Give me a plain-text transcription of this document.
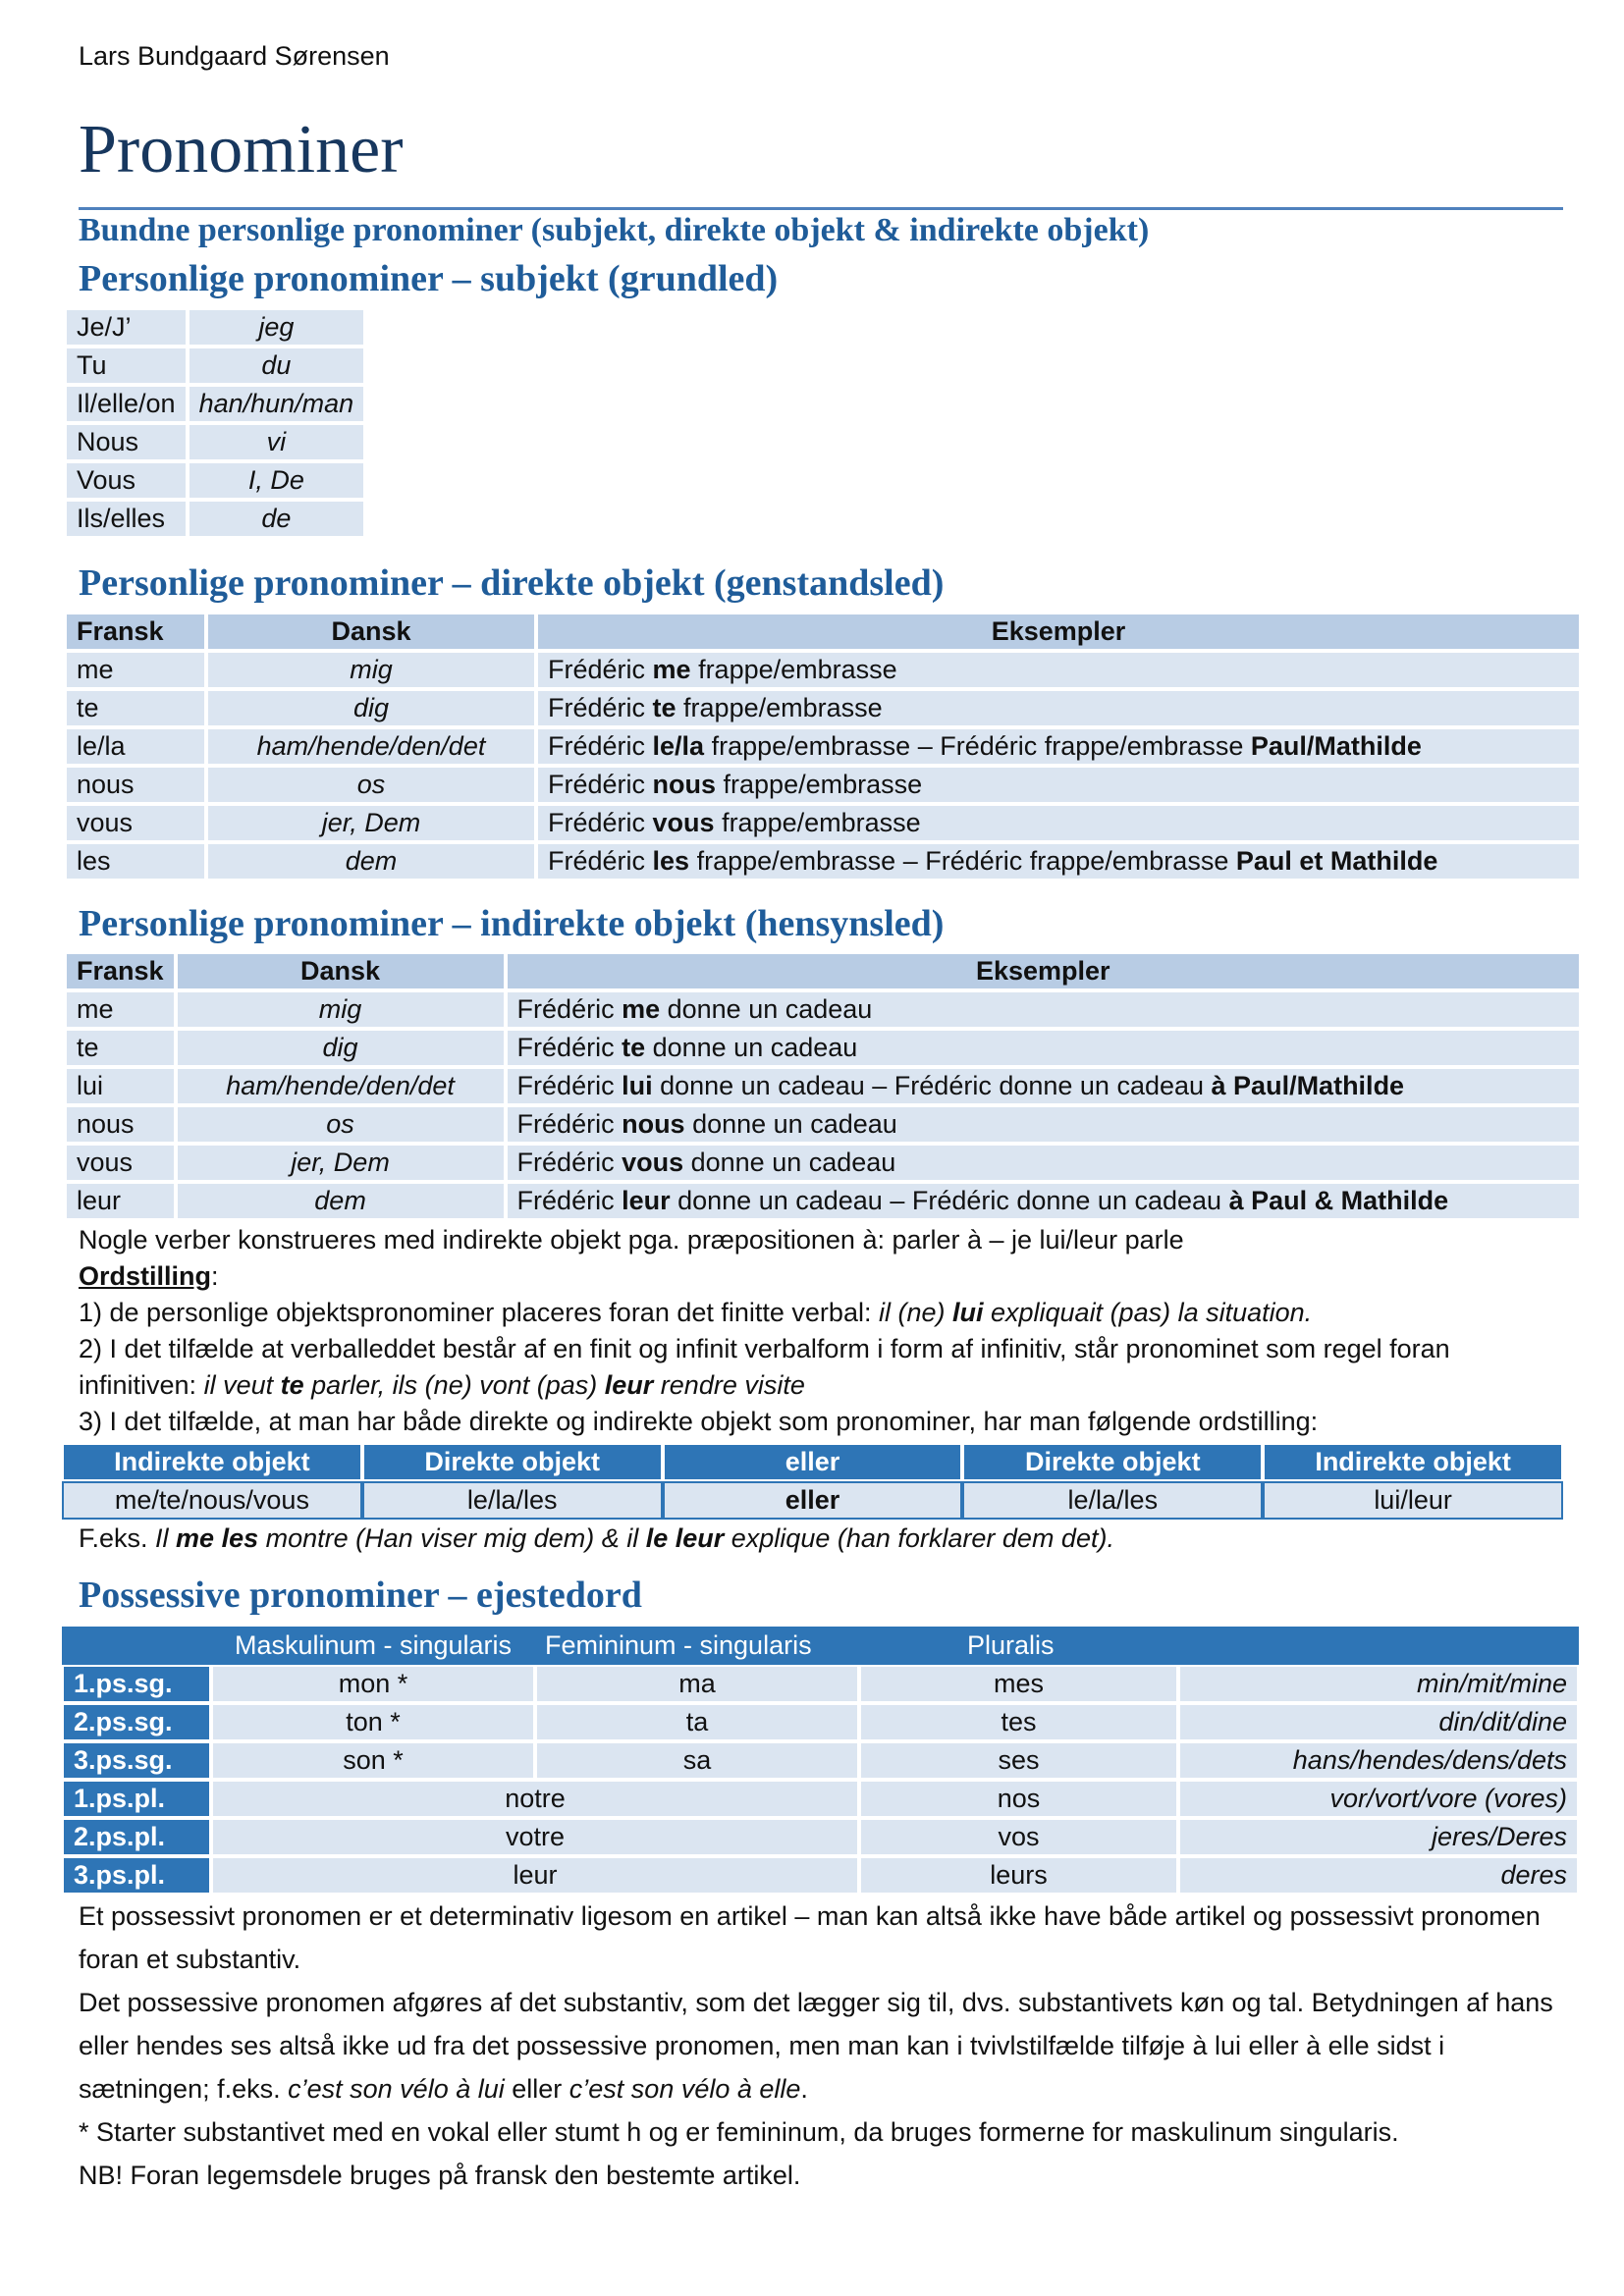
Lars Bundgaard Sørensen
Pronominer
Bundne personlige pronominer (subjekt, direkte objekt & indirekte objekt)
Personlige pronominer – subjekt (grundled)
Je/J’	jeg
Tu	du
Il/elle/on	han/hun/man
Nous	vi
Vous	I, De
Ils/elles	de
Personlige pronominer – direkte objekt (genstandsled)
Fransk	Dansk	Eksempler
me	mig	Frédéric me frappe/embrasse
te	dig	Frédéric te frappe/embrasse
le/la	ham/hende/den/det	Frédéric le/la frappe/embrasse – Frédéric frappe/embrasse Paul/Mathilde
nous	os	Frédéric nous frappe/embrasse
vous	jer, Dem	Frédéric vous frappe/embrasse
les	dem	Frédéric les frappe/embrasse – Frédéric frappe/embrasse Paul et Mathilde
Personlige pronominer – indirekte objekt (hensynsled)
Fransk	Dansk	Eksempler
me	mig	Frédéric me donne un cadeau
te	dig	Frédéric te donne un cadeau
lui	ham/hende/den/det	Frédéric lui donne un cadeau – Frédéric donne un cadeau à Paul/Mathilde
nous	os	Frédéric nous donne un cadeau
vous	jer, Dem	Frédéric vous donne un cadeau
leur	dem	Frédéric leur donne un cadeau – Frédéric donne un cadeau à Paul & Mathilde
Nogle verber konstrueres med indirekte objekt pga. præpositionen à: parler à – je lui/leur parle
Ordstilling:
1) de personlige objektspronominer placeres foran det finitte verbal: il (ne) lui expliquait (pas) la situation.
2) I det tilfælde at verballeddet består af en finit og infinit verbalform i form af infinitiv, står pronominet som regel foran infinitiven: il veut te parler, ils (ne) vont (pas) leur rendre visite
3) I det tilfælde, at man har både direkte og indirekte objekt som pronominer, har man følgende ordstilling:
Indirekte objekt	Direkte objekt	eller	Direkte objekt	Indirekte objekt
me/te/nous/vous	le/la/les	eller	le/la/les	lui/leur
F.eks. Il me les montre (Han viser mig dem) & il le leur explique (han forklarer dem det).
Possessive pronominer – ejestedord
	Maskulinum - singularis	Femininum - singularis	Pluralis	
1.ps.sg.	mon *	ma	mes	min/mit/mine
2.ps.sg.	ton *	ta	tes	din/dit/dine
3.ps.sg.	son *	sa	ses	hans/hendes/dens/dets
1.ps.pl.	notre		nos	vor/vort/vore (vores)
2.ps.pl.	votre		vos	jeres/Deres
3.ps.pl.	leur		leurs	deres
Et possessivt pronomen er et determinativ ligesom en artikel – man kan altså ikke have både artikel og possessivt pronomen foran et substantiv.
Det possessive pronomen afgøres af det substantiv, som det lægger sig til, dvs. substantivets køn og tal. Betydningen af hans eller hendes ses altså ikke ud fra det possessive pronomen, men man kan i tvivlstilfælde tilføje à lui eller à elle sidst i sætningen; f.eks. c’est son vélo à lui eller c’est son vélo à elle.
* Starter substantivet med en vokal eller stumt h og er femininum, da bruges formerne for maskulinum singularis.
NB! Foran legemsdele bruges på fransk den bestemte artikel.
